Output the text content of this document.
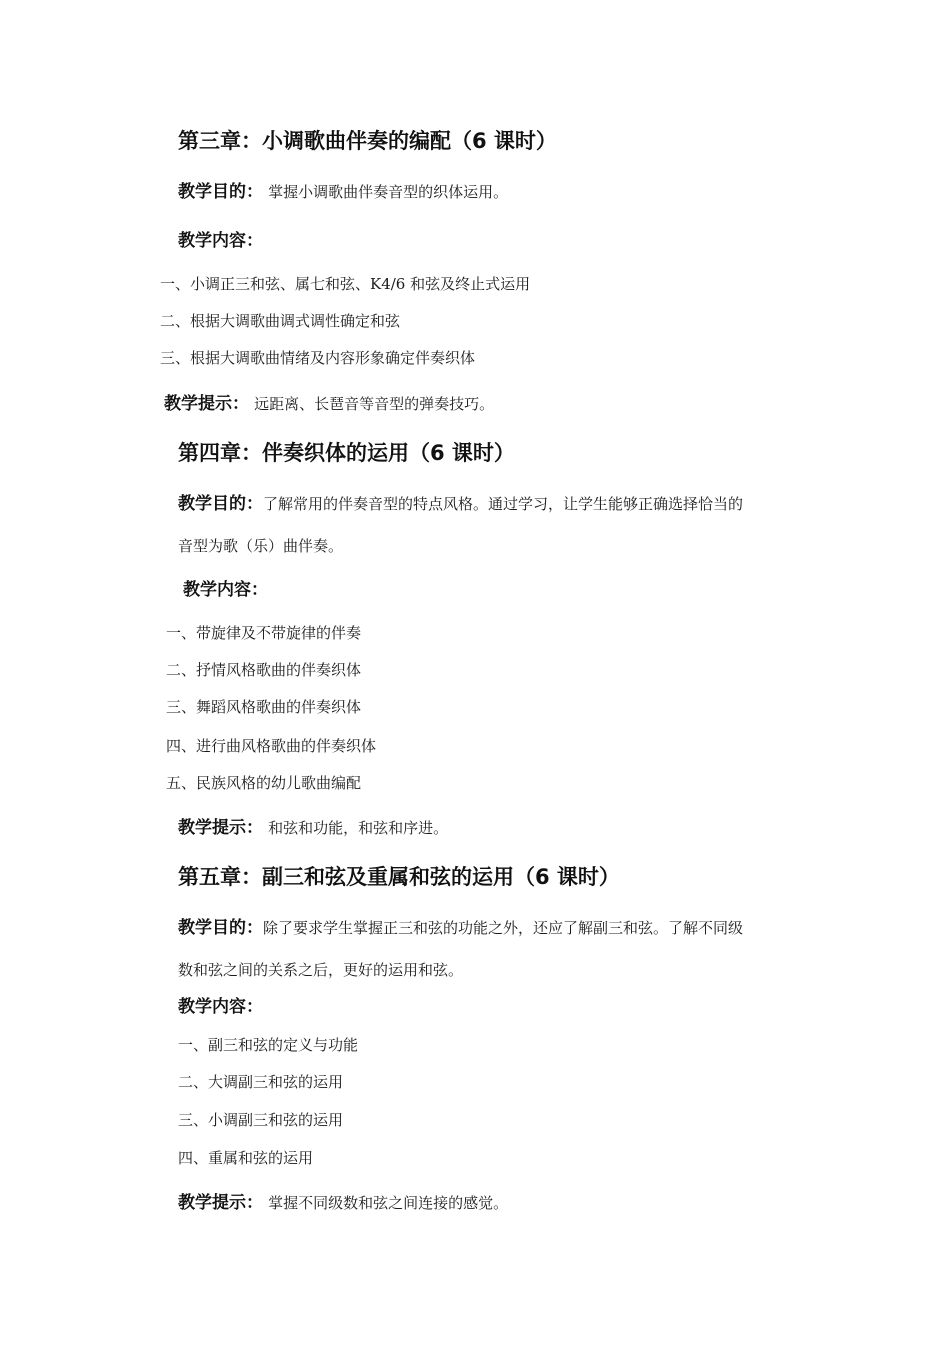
第三章：小调歌曲伴奏的编配（6 课时）
教学目的： 掌握小调歌曲伴奏音型的织体运用。
教学内容：
一、小调正三和弦、属七和弦、K4/6 和弦及终止式运用
二、根据大调歌曲调式调性确定和弦
三、根据大调歌曲情绪及内容形象确定伴奏织体
教学提示： 远距离、长琶音等音型的弹奏技巧。
第四章：伴奏织体的运用（6 课时）
教学目的：了解常用的伴奏音型的特点风格。通过学习，让学生能够正确选择恰当的
音型为歌（乐）曲伴奏。
教学内容：
一、带旋律及不带旋律的伴奏
二、抒情风格歌曲的伴奏织体
三、舞蹈风格歌曲的伴奏织体
四、进行曲风格歌曲的伴奏织体
五、民族风格的幼儿歌曲编配
教学提示： 和弦和功能，和弦和序进。
第五章：副三和弦及重属和弦的运用（6 课时）
教学目的：除了要求学生掌握正三和弦的功能之外，还应了解副三和弦。了解不同级
数和弦之间的关系之后，更好的运用和弦。
教学内容：
一、副三和弦的定义与功能
二、大调副三和弦的运用
三、小调副三和弦的运用
四、重属和弦的运用
教学提示： 掌握不同级数和弦之间连接的感觉。
